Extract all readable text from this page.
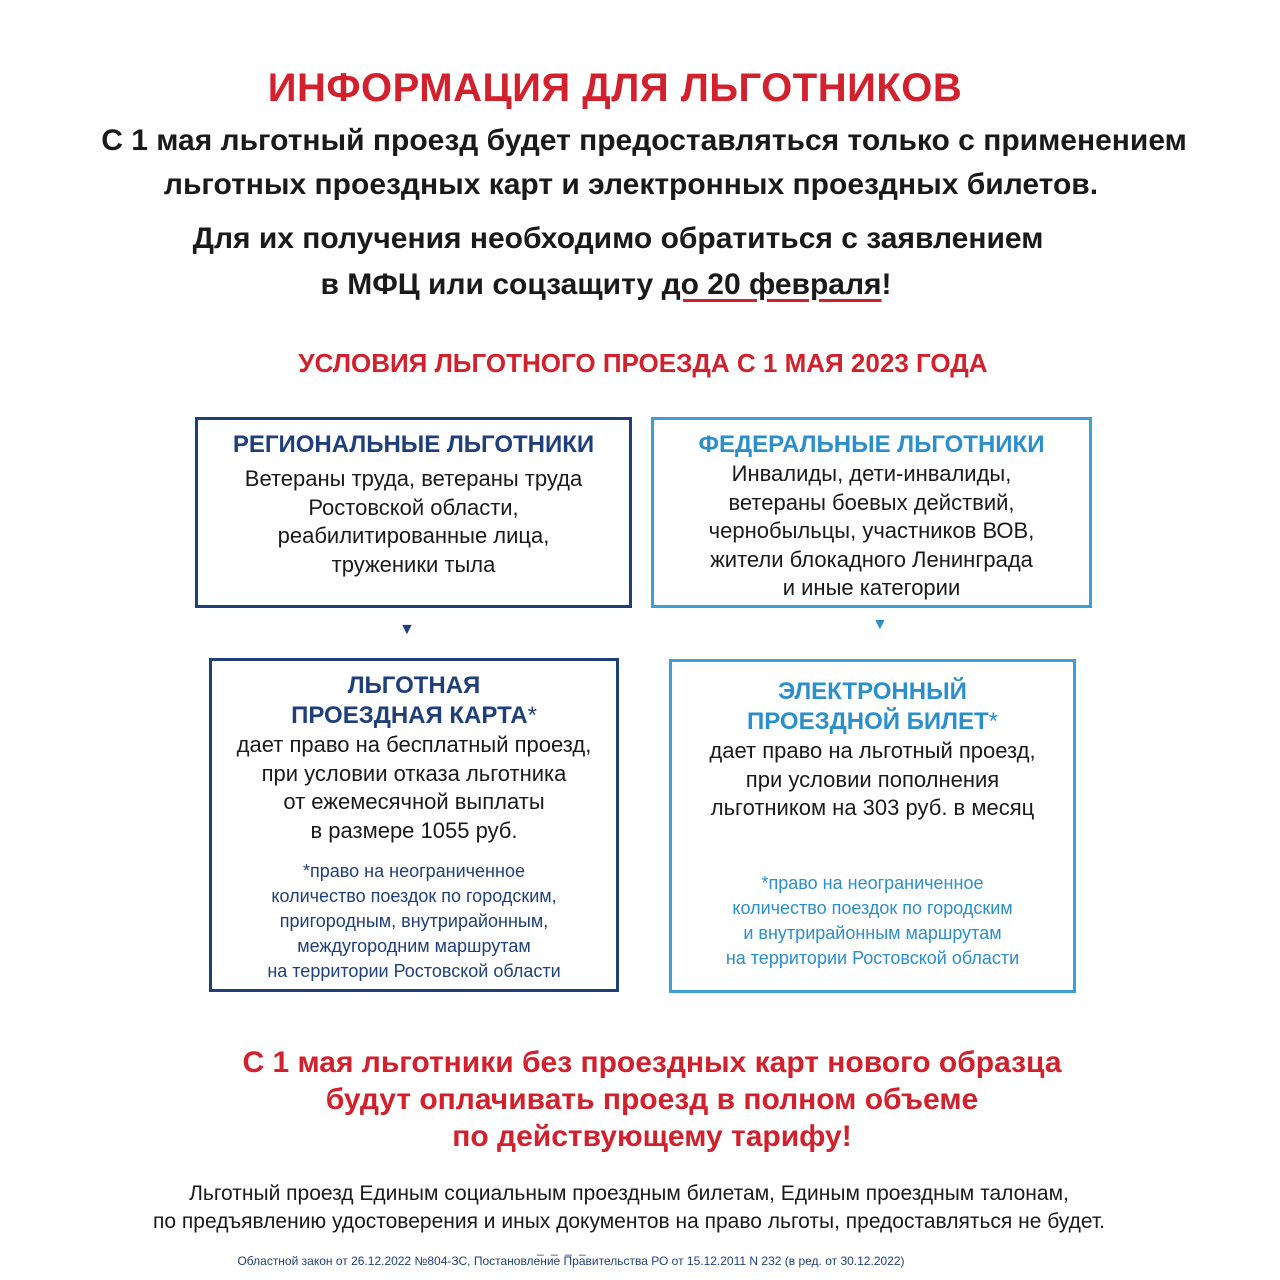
ИНФОРМАЦИЯ ДЛЯ ЛЬГОТНИКОВ
С 1 мая льготный проезд будет предоставляться только с применением
льготных проездных карт и электронных проездных билетов.
Для их получения необходимо обратиться с заявлением
в МФЦ или соцзащиту до 20 февраля!
УСЛОВИЯ ЛЬГОТНОГО ПРОЕЗДА С 1 МАЯ 2023 ГОДА
РЕГИОНАЛЬНЫЕ ЛЬГОТНИКИ
Ветераны труда, ветераны труда
Ростовской области,
реабилитированные лица,
труженики тыла
ФЕДЕРАЛЬНЫЕ ЛЬГОТНИКИ
Инвалиды, дети-инвалиды,
ветераны боевых действий,
чернобыльцы, участников ВОВ,
жители блокадного Ленинграда
и иные категории
▼	▼
ЛЬГОТНАЯ
ПРОЕЗДНАЯ КАРТА*
дает право на бесплатный проезд,
при условии отказа льготника
от ежемесячной выплаты
в размере 1055 руб.
*право на неограниченное
количество поездок по городским,
пригородным, внутрирайонным,
междугородним маршрутам
на территории Ростовской области
ЭЛЕКТРОННЫЙ
ПРОЕЗДНОЙ БИЛЕТ*
дает право на льготный проезд,
при условии пополнения
льготником на 303 руб. в месяц
*право на неограниченное
количество поездок по городским
и внутрирайонным маршрутам
на территории Ростовской области
С 1 мая льготники без проездных карт нового образца
будут оплачивать проезд в полном объеме
по действующему тарифу!
Льготный проезд Единым социальным проездным билетам, Единым проездным талонам,
по предъявлению удостоверения и иных документов на право льготы, предоставляться не будет.
_ _ _ _
Областной закон от 26.12.2022 №804-ЗС, Постановление Правительства РО от 15.12.2011 N 232 (в ред. от 30.12.2022)
